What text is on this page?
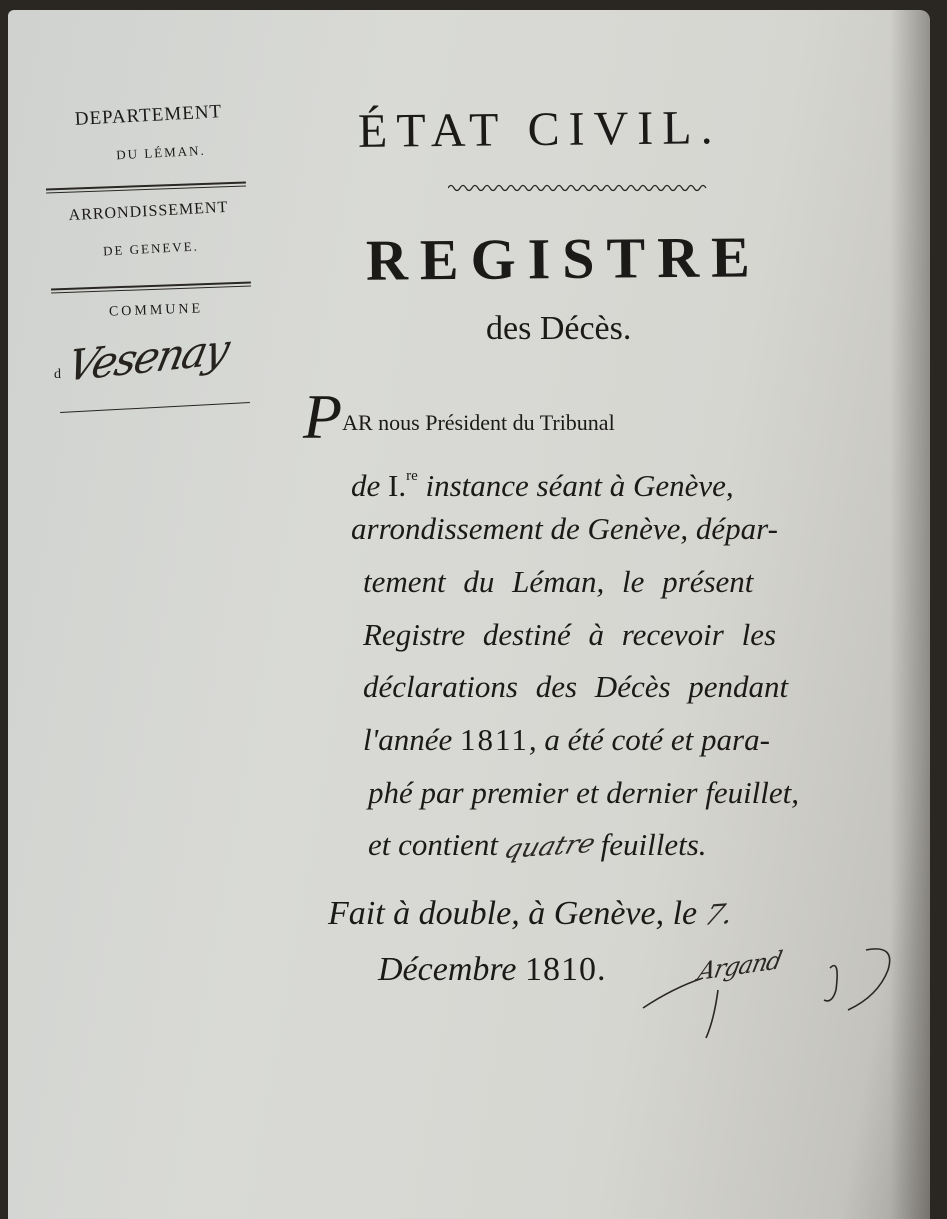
DEPARTEMENT
DU LÉMAN.
ARRONDISSEMENT
DE GENEVE.
COMMUNE
d Vesenay
ÉTAT CIVIL.
REGISTRE
des Décès.
PAR nous Président du Tribunal
de I.$^{re}$ instance séant à Genève,
arrondissement de Genève, dépar-
tement du Léman, le présent
Registre destiné à recevoir les
déclarations des Décès pendant
l'année 1811, a été coté et para-
phé par premier et dernier feuillet,
et contient quatre feuillets.
Fait à double, à Genève, le 7.
Décembre 1810.	Argand
